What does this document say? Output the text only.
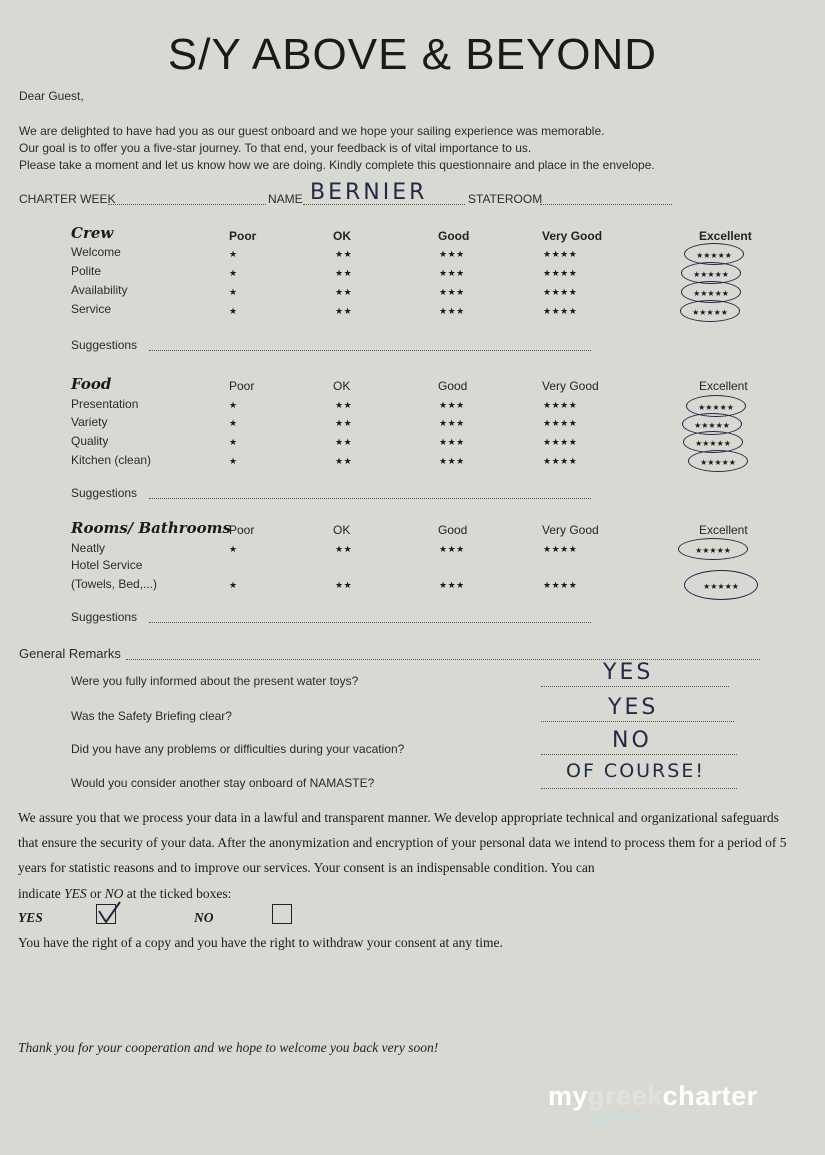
S/Y ABOVE & BEYOND
Dear Guest,
We are delighted to have had you as our guest onboard and we hope your sailing experience was memorable.
Our goal is to offer you a five-star journey. To that end, your feedback is of vital importance to us.
Please take a moment and let us know how we are doing. Kindly complete this questionnaire and place in the envelope.
CHARTER WEEK	NAME BERNIER	STATEROOM
Crew	Poor	OK	Good	Very Good	Excellent
Welcome	★	★★	★★★	★★★★	★★★★★
Polite	★	★★	★★★	★★★★	★★★★★
Availability	★	★★	★★★	★★★★	★★★★★
Service	★	★★	★★★	★★★★	★★★★★
Suggestions
Food	Poor	OK	Good	Very Good	Excellent
Presentation	★	★★	★★★	★★★★	★★★★★
Variety	★	★★	★★★	★★★★	★★★★★
Quality	★	★★	★★★	★★★★	★★★★★
Kitchen (clean)	★	★★	★★★	★★★★	★★★★★
Suggestions
Rooms/ Bathrooms
Poor	OK	Good	Very Good	Excellent
Neatly	★	★★	★★★	★★★★	★★★★★
Hotel Service
(Towels, Bed,...)	★	★★	★★★	★★★★	★★★★★
Suggestions
General Remarks
Were you fully informed about the present water toys?	YES
Was the Safety Briefing clear?	YES
Did you have any problems or difficulties during your vacation?	NO
Would you consider another stay onboard of NAMASTE?
OF COURSE!
We assure you that we process your data in a lawful and transparent manner. We develop appropriate technical and organizational safeguards that ensure the security of your data. After the anonymization and encryption of your personal data we intend to process them for a period of 5 years for statistic reasons and to improve our services. Your consent is an indispensable condition. You can
indicate YES or NO at the ticked boxes:
YES	NO
You have the right of a copy and you have the right to withdraw your consent at any time.
Thank you for your cooperation and we hope to welcome you back very soon!
mygreekcharter
mygreekcharter.com
